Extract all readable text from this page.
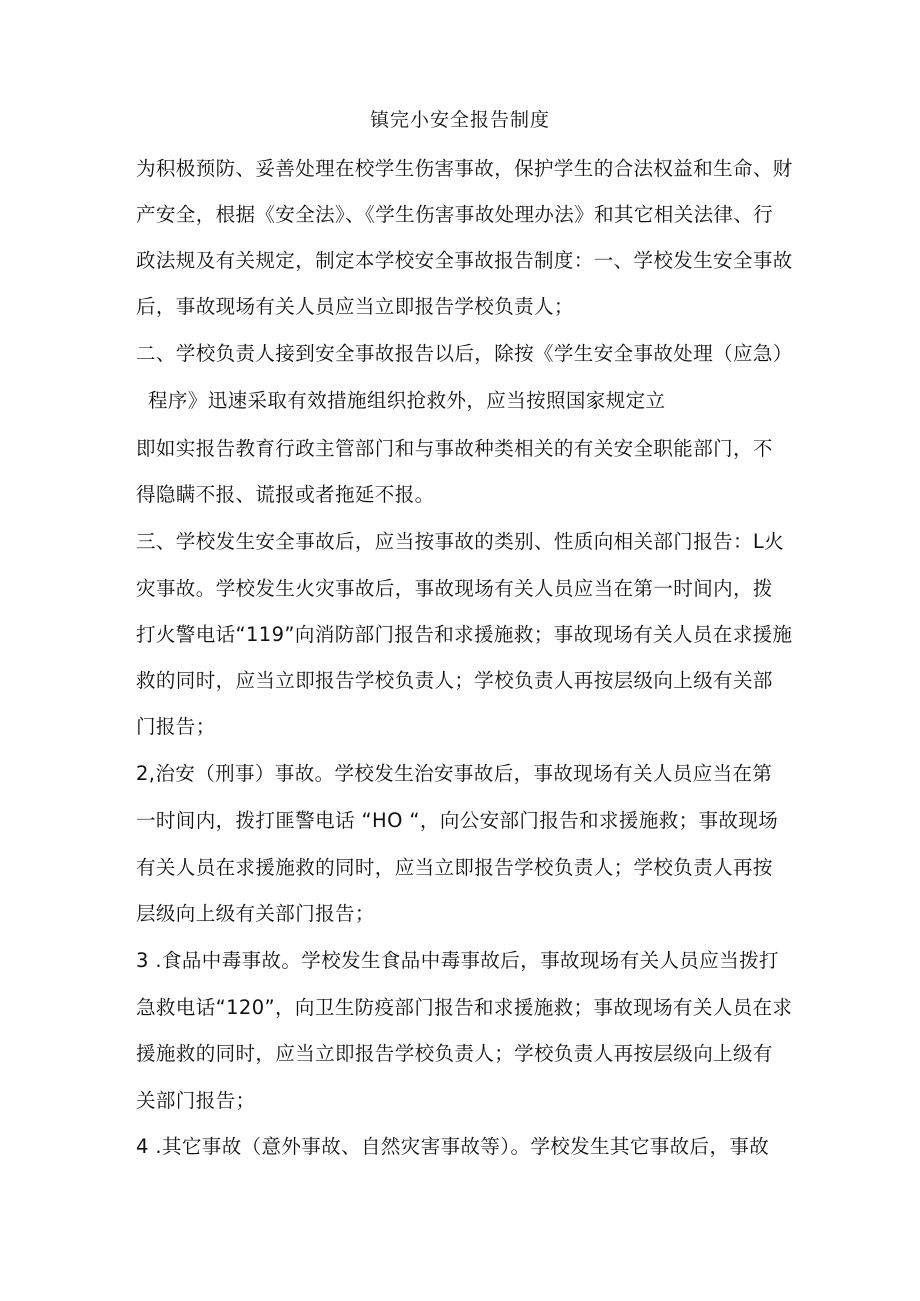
镇完小安全报告制度
为积极预防、妥善处理在校学生伤害事故，保护学生的合法权益和生命、财
产安全，根据《安全法》、《学生伤害事故处理办法》和其它相关法律、行
政法规及有关规定，制定本学校安全事故报告制度：一、学校发生安全事故
后，事故现场有关人员应当立即报告学校负责人；
二、学校负责人接到安全事故报告以后，除按《学生安全事故处理（应急）
程序》迅速采取有效措施组织抢救外，应当按照国家规定立
即如实报告教育行政主管部门和与事故种类相关的有关安全职能部门，不
得隐瞒不报、谎报或者拖延不报。
三、学校发生安全事故后，应当按事故的类别、性质向相关部门报告：L火
灾事故。学校发生火灾事故后，事故现场有关人员应当在第一时间内，拨
打火警电话“119”向消防部门报告和求援施救；事故现场有关人员在求援施
救的同时，应当立即报告学校负责人；学校负责人再按层级向上级有关部
门报告；
2,治安（刑事）事故。学校发生治安事故后，事故现场有关人员应当在第
一时间内，拨打匪警电话 “HO “，向公安部门报告和求援施救；事故现场
有关人员在求援施救的同时，应当立即报告学校负责人；学校负责人再按
层级向上级有关部门报告；
3 .食品中毒事故。学校发生食品中毒事故后，事故现场有关人员应当拨打
急救电话“120”，向卫生防疫部门报告和求援施救；事故现场有关人员在求
援施救的同时，应当立即报告学校负责人；学校负责人再按层级向上级有
关部门报告；
4 .其它事故（意外事故、自然灾害事故等）。学校发生其它事故后，事故
